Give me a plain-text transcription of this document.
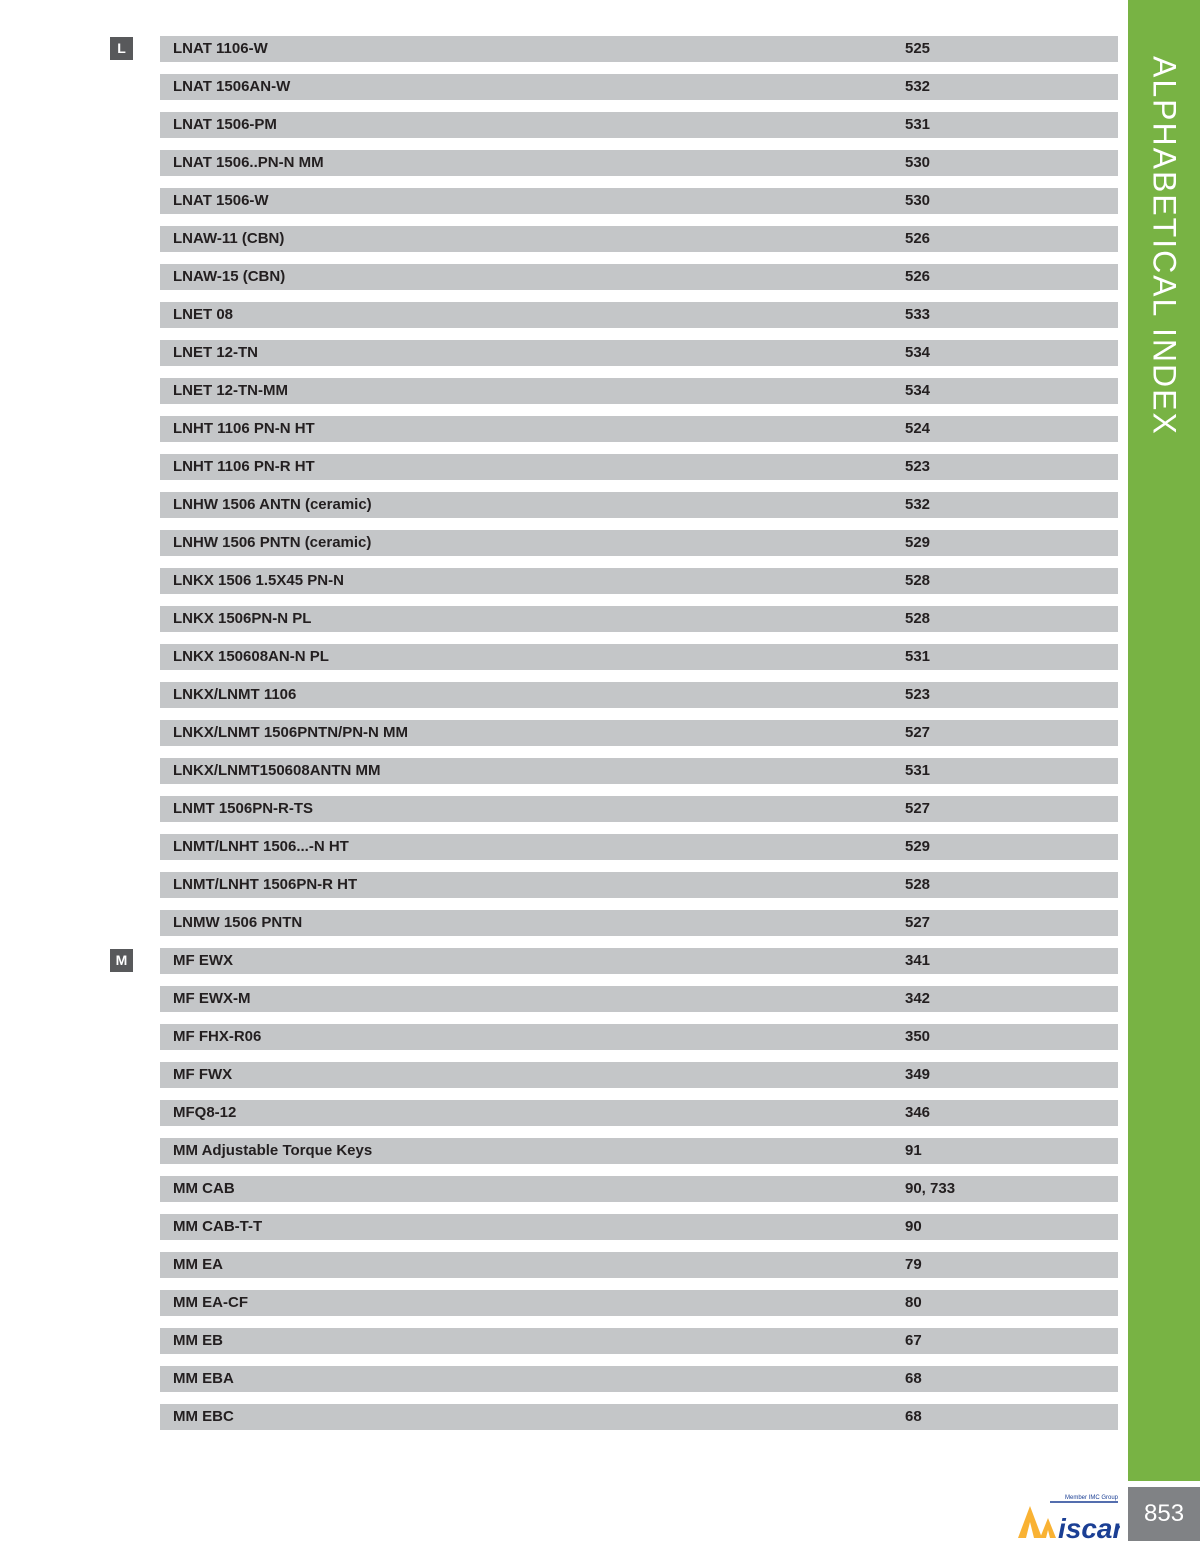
L	LNAT 1106-W	525
LNAT 1506AN-W	532
LNAT 1506-PM	531
LNAT 1506..PN-N MM	530
LNAT 1506-W	530
LNAW-11 (CBN)	526
LNAW-15 (CBN)	526
LNET 08	533
LNET 12-TN	534
LNET 12-TN-MM	534
LNHT 1106 PN-N HT	524
LNHT 1106 PN-R HT	523
LNHW 1506 ANTN (ceramic)	532
LNHW 1506 PNTN (ceramic)	529
LNKX 1506 1.5X45 PN-N	528
LNKX 1506PN-N PL	528
LNKX 150608AN-N PL	531
LNKX/LNMT 1106	523
LNKX/LNMT 1506PNTN/PN-N MM	527
LNKX/LNMT150608ANTN MM	531
LNMT 1506PN-R-TS	527
LNMT/LNHT 1506...-N HT	529
LNMT/LNHT 1506PN-R HT	528
LNMW 1506 PNTN	527
M	MF EWX	341
MF EWX-M	342
MF FHX-R06	350
MF FWX	349
MFQ8-12	346
MM Adjustable Torque Keys	91
MM CAB	90, 733
MM CAB-T-T	90
MM EA	79
MM EA-CF	80
MM EB	67
MM EBA	68
MM EBC	68
ALPHABETICAL INDEX
853
Member IMC Group
iscar
